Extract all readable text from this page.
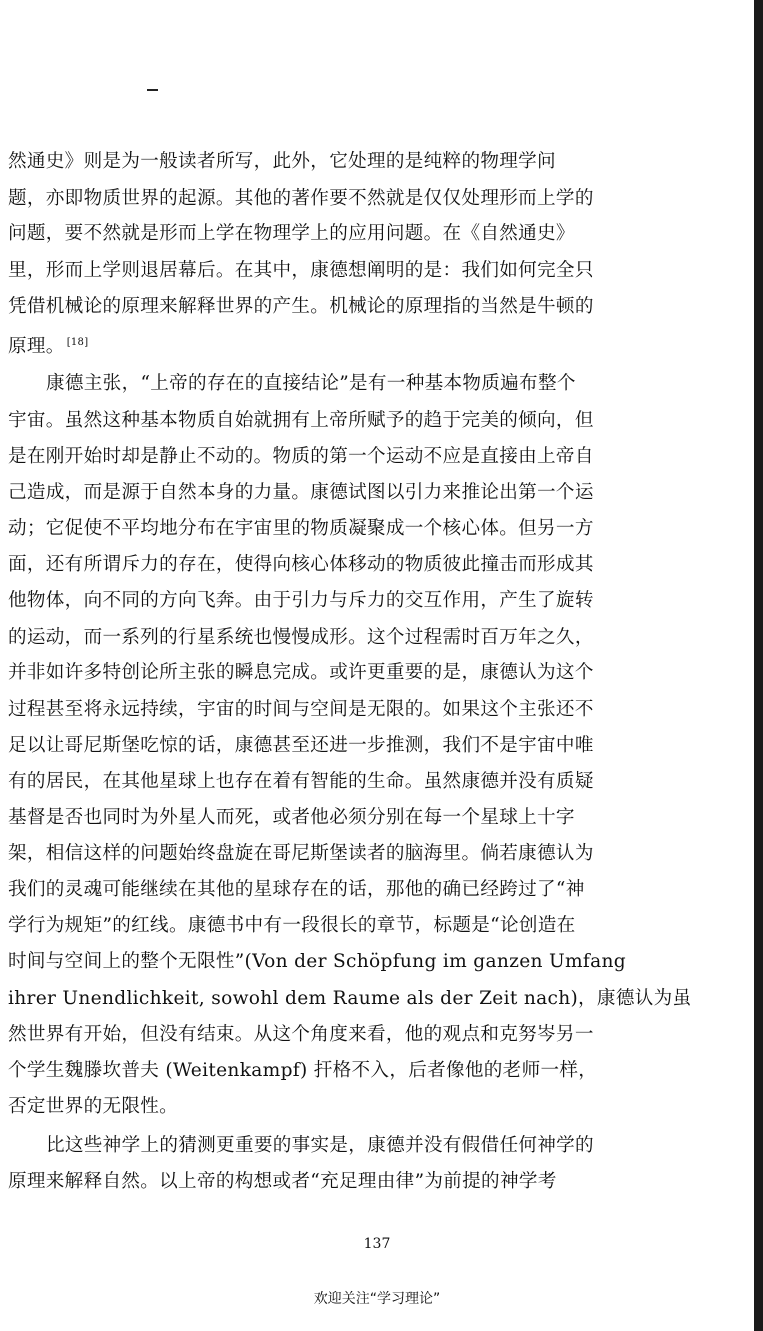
然通史》则是为一般读者所写，此外，它处理的是纯粹的物理学问
题，亦即物质世界的起源。其他的著作要不然就是仅仅处理形而上学的
问题，要不然就是形而上学在物理学上的应用问题。在《自然通史》
里，形而上学则退居幕后。在其中，康德想阐明的是：我们如何完全只
凭借机械论的原理来解释世界的产生。机械论的原理指的当然是牛顿的
原理。 [18]
康德主张，“上帝的存在的直接结论”是有一种基本物质遍布整个
宇宙。虽然这种基本物质自始就拥有上帝所赋予的趋于完美的倾向，但
是在刚开始时却是静止不动的。物质的第一个运动不应是直接由上帝自
己造成，而是源于自然本身的力量。康德试图以引力来推论出第一个运
动；它促使不平均地分布在宇宙里的物质凝聚成一个核心体。但另一方
面，还有所谓斥力的存在，使得向核心体移动的物质彼此撞击而形成其
他物体，向不同的方向飞奔。由于引力与斥力的交互作用，产生了旋转
的运动，而一系列的行星系统也慢慢成形。这个过程需时百万年之久，
并非如许多特创论所主张的瞬息完成。或许更重要的是，康德认为这个
过程甚至将永远持续，宇宙的时间与空间是无限的。如果这个主张还不
足以让哥尼斯堡吃惊的话，康德甚至还进一步推测，我们不是宇宙中唯
有的居民，在其他星球上也存在着有智能的生命。虽然康德并没有质疑
基督是否也同时为外星人而死，或者他必须分别在每一个星球上十字
架，相信这样的问题始终盘旋在哥尼斯堡读者的脑海里。倘若康德认为
我们的灵魂可能继续在其他的星球存在的话，那他的确已经跨过了“神
学行为规矩”的红线。康德书中有一段很长的章节，标题是“论创造在
时间与空间上的整个无限性”(Von der Schöpfung im ganzen Umfang
ihrer Unendlichkeit, sowohl dem Raume als der Zeit nach)，康德认为虽
然世界有开始，但没有结束。从这个角度来看，他的观点和克努岑另一
个学生魏滕坎普夫 (Weitenkampf) 扞格不入，后者像他的老师一样，
否定世界的无限性。
比这些神学上的猜测更重要的事实是，康德并没有假借任何神学的
原理来解释自然。以上帝的构想或者“充足理由律”为前提的神学考
137
欢迎关注“学习理论”
